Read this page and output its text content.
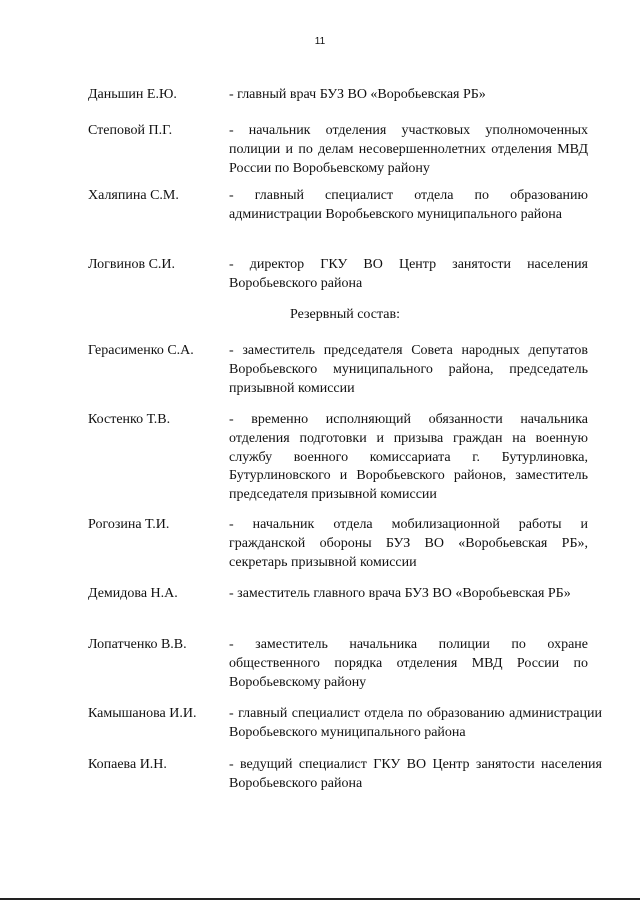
11
Даньшин Е.Ю.	- главный врач БУЗ ВО «Воробьевская РБ»
Степовой П.Г.	- начальник отделения участковых уполномоченных полиции и по делам несовершеннолетних отделения МВД России по Воробьевскому району
Халяпина С.М.	- главный специалист отдела по образованию администрации Воробьевского муниципального района
Логвинов С.И.	- директор ГКУ ВО Центр занятости населения Воробьевского района
Резервный состав:
Герасименко С.А.	- заместитель председателя Совета народных депутатов Воробьевского муниципального района, председатель призывной комиссии
Костенко Т.В.	- временно исполняющий обязанности начальника отделения подготовки и призыва граждан на военную службу военного комиссариата г. Бутурлиновка, Бутурлиновского и Воробьевского районов, заместитель председателя призывной комиссии
Рогозина Т.И.	- начальник отдела мобилизационной работы и гражданской обороны БУЗ ВО «Воробьевская РБ», секретарь призывной комиссии
Демидова Н.А.	- заместитель главного врача БУЗ ВО «Воробьевская РБ»
Лопатченко В.В.	- заместитель начальника полиции по охране общественного порядка отделения МВД России по Воробьевскому району
Камышанова И.И.	- главный специалист отдела по образованию администрации Воробьевского муниципального района
Копаева И.Н.	- ведущий специалист ГКУ ВО Центр занятости населения Воробьевского района
